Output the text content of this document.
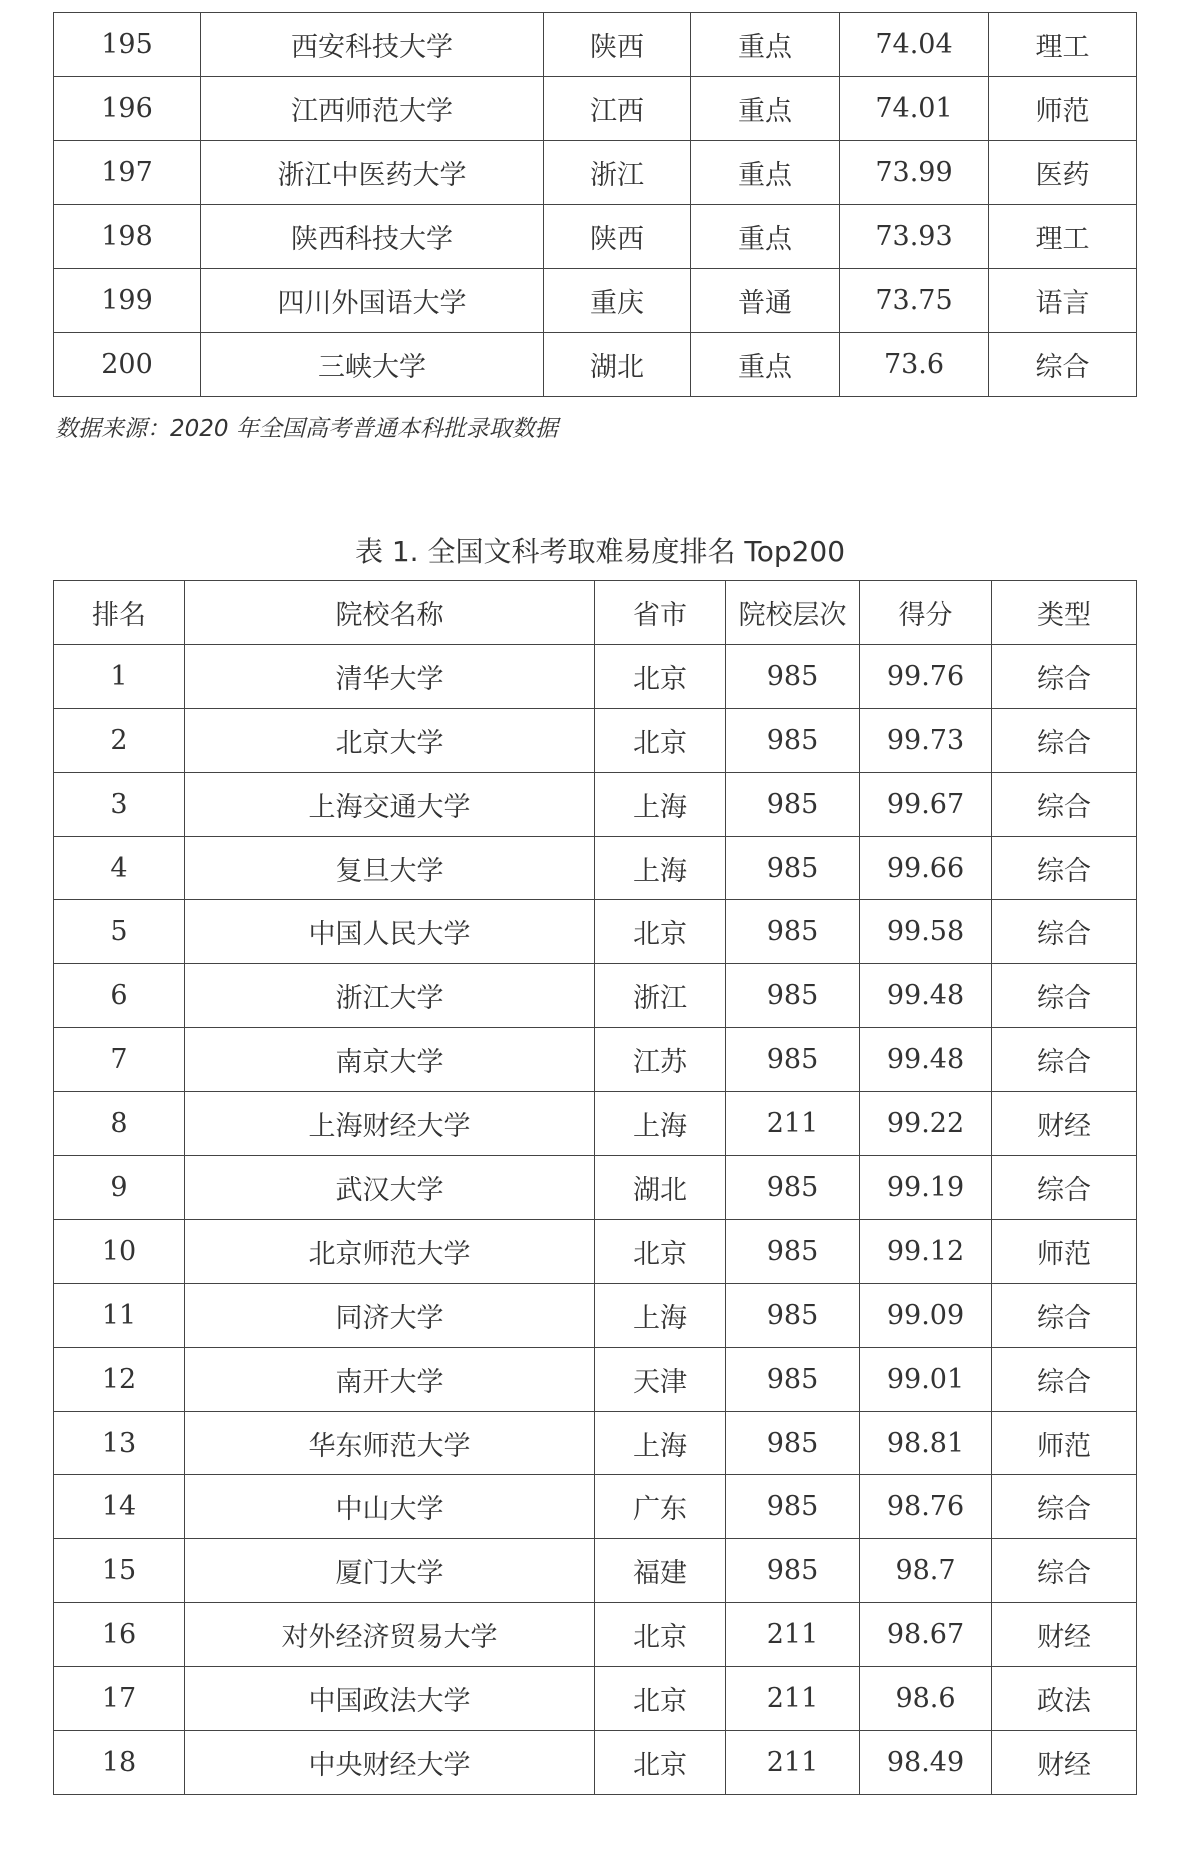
195	西安科技大学	陕西	重点	74.04	理工
196	江西师范大学	江西	重点	74.01	师范
197	浙江中医药大学	浙江	重点	73.99	医药
198	陕西科技大学	陕西	重点	73.93	理工
199	四川外国语大学	重庆	普通	73.75	语言
200	三峡大学	湖北	重点	73.6	综合
数据来源：2020 年全国高考普通本科批录取数据
表 1. 全国文科考取难易度排名 Top200
排名	院校名称	省市	院校层次	得分	类型
1	清华大学	北京	985	99.76	综合
2	北京大学	北京	985	99.73	综合
3	上海交通大学	上海	985	99.67	综合
4	复旦大学	上海	985	99.66	综合
5	中国人民大学	北京	985	99.58	综合
6	浙江大学	浙江	985	99.48	综合
7	南京大学	江苏	985	99.48	综合
8	上海财经大学	上海	211	99.22	财经
9	武汉大学	湖北	985	99.19	综合
10	北京师范大学	北京	985	99.12	师范
11	同济大学	上海	985	99.09	综合
12	南开大学	天津	985	99.01	综合
13	华东师范大学	上海	985	98.81	师范
14	中山大学	广东	985	98.76	综合
15	厦门大学	福建	985	98.7	综合
16	对外经济贸易大学	北京	211	98.67	财经
17	中国政法大学	北京	211	98.6	政法
18	中央财经大学	北京	211	98.49	财经
